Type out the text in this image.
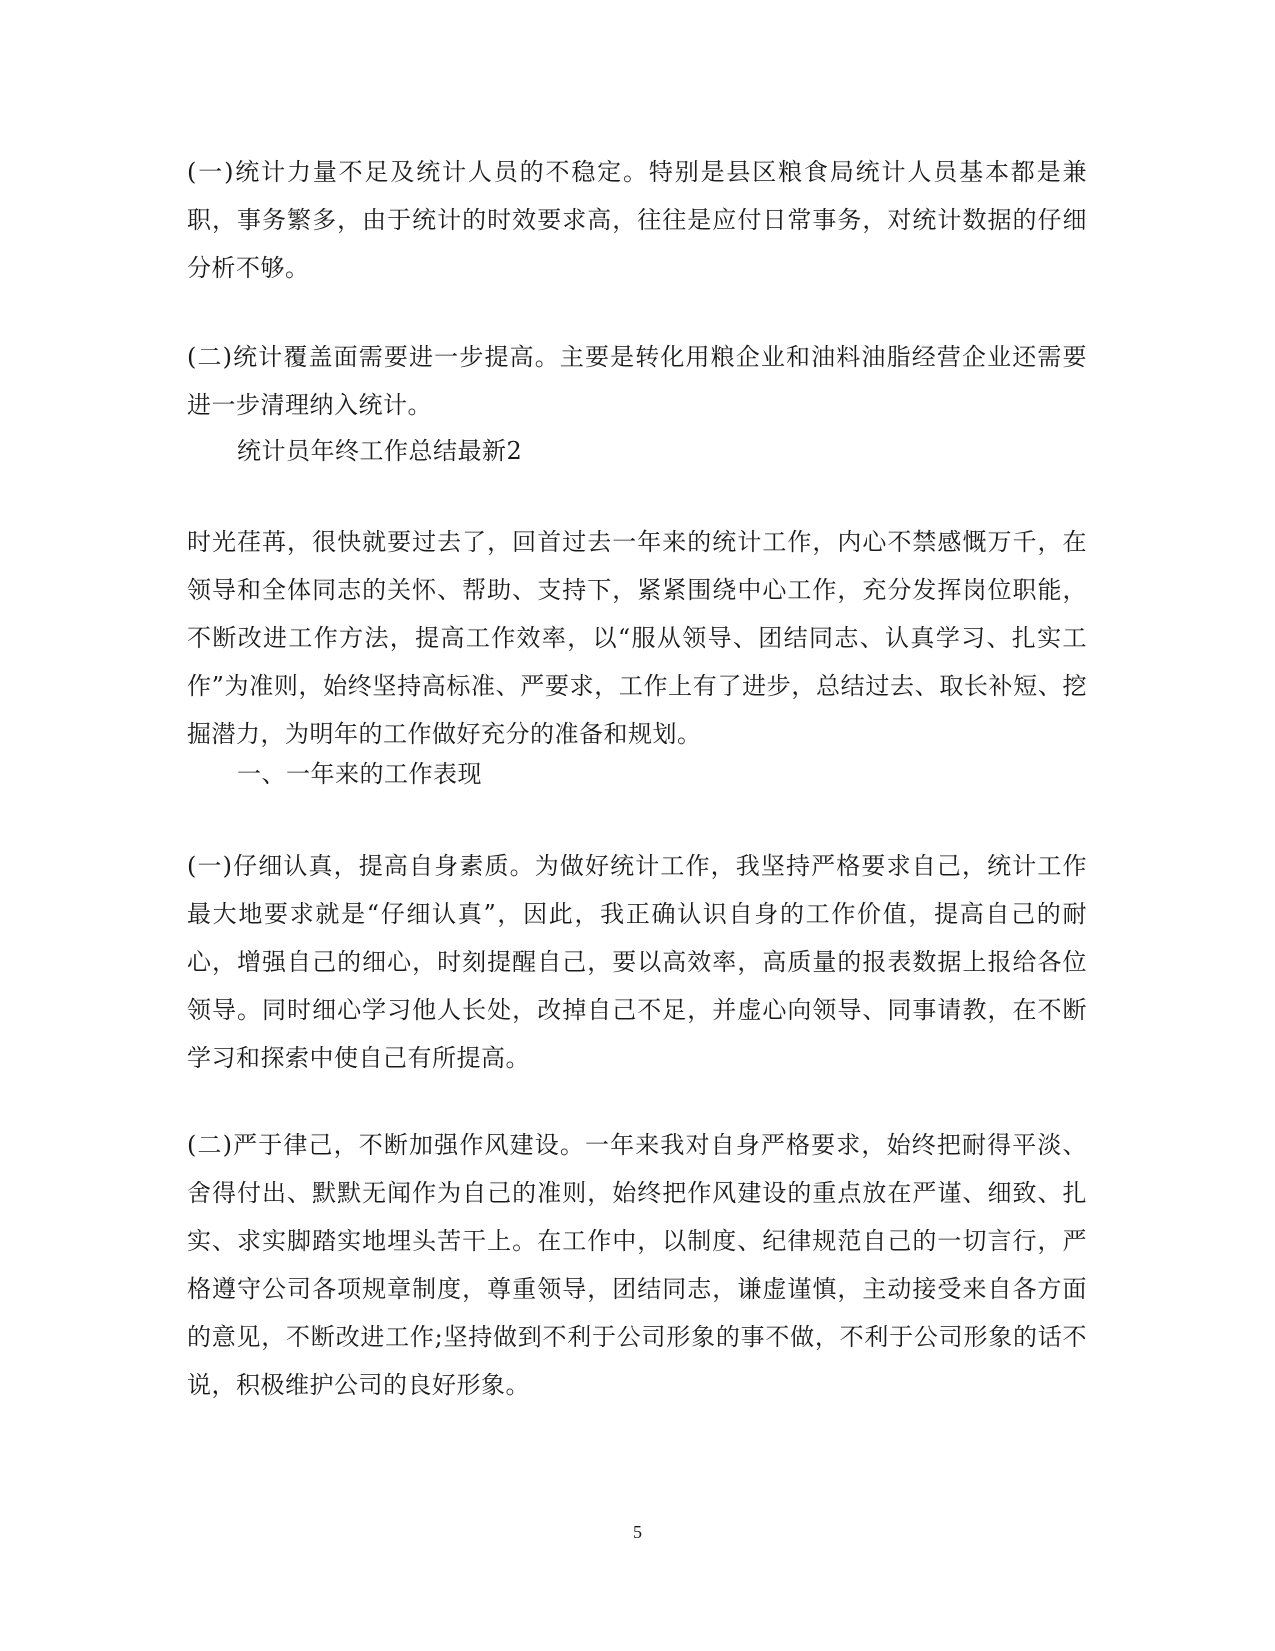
(一)统计力量不足及统计人员的不稳定。特别是县区粮食局统计人员基本都是兼职，事务繁多，由于统计的时效要求高，往往是应付日常事务，对统计数据的仔细分析不够。

(二)统计覆盖面需要进一步提高。主要是转化用粮企业和油料油脂经营企业还需要进一步清理纳入统计。

统计员年终工作总结最新2

时光荏苒，很快就要过去了，回首过去一年来的统计工作，内心不禁感慨万千，在领导和全体同志的关怀、帮助、支持下，紧紧围绕中心工作，充分发挥岗位职能，不断改进工作方法，提高工作效率，以“服从领导、团结同志、认真学习、扎实工作”为准则，始终坚持高标准、严要求，工作上有了进步，总结过去、取长补短、挖掘潜力，为明年的工作做好充分的准备和规划。

一、一年来的工作表现

(一)仔细认真，提高自身素质。为做好统计工作，我坚持严格要求自己，统计工作最大地要求就是“仔细认真”，因此，我正确认识自身的工作价值，提高自己的耐心，增强自己的细心，时刻提醒自己，要以高效率，高质量的报表数据上报给各位领导。同时细心学习他人长处，改掉自己不足，并虚心向领导、同事请教，在不断学习和探索中使自己有所提高。

(二)严于律己，不断加强作风建设。一年来我对自身严格要求，始终把耐得平淡、舍得付出、默默无闻作为自己的准则，始终把作风建设的重点放在严谨、细致、扎实、求实脚踏实地埋头苦干上。在工作中，以制度、纪律规范自己的一切言行，严格遵守公司各项规章制度，尊重领导，团结同志，谦虚谨慎，主动接受来自各方面的意见，不断改进工作;坚持做到不利于公司形象的事不做，不利于公司形象的话不说，积极维护公司的良好形象。

5
